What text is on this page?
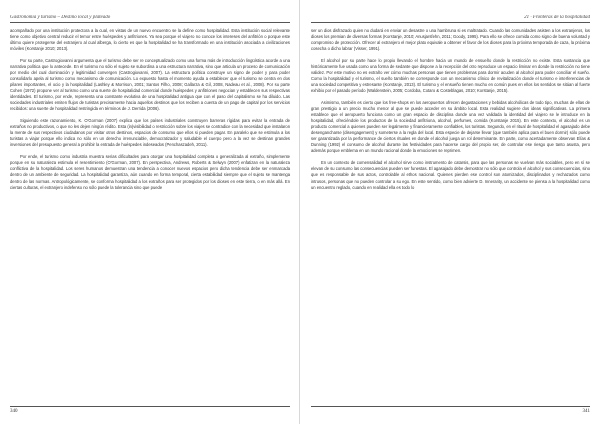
Gastronomía y turismo – Destino local y plateado

acompañado por una institución protectora a la cual, en vistas de un nuevo encuentro se la define como hospitalidad. Esta institución social relevante tiene como objetivo central reducir el temor entre huéspedes y anfitriones. Ya sea porque el viajero no conoce los intereses del anfitrión o porque este último quiere protegerse del extranjero al cual alberga, lo cierto es que la hospitalidad se ha transformado en una institución asociada a civilizaciones móviles (Korstanje 2010; 2013).

Por su parte, Castrogiovanni argumenta que el turismo debe ser re conceptualizado como una forma más de introducción lingüística acorde a una narrativa política que lo antecede. En el turismo no sólo el sujeto se subordina a una estructura narrativa, sino que articula un proceso de comunicación por medio del cual dominación y legitimidad convergen (Castrogiovanni, 2007). La estructura política construye un signo de poder y para poder consolidarlo apela al turismo como mecanismo de comunicación. Lo expuesto hasta el momento ayuda a establecer que el turismo se centra en dos pilares importantes, el ocio y la hospitalidad (Lashley & Morrison, 2001; Santos Filho, 2008; Gallarza & Gil, 2008, Nadeau et al., 2008). Por su parte Cohen (1972) propone ver al turismo como una suerte de hospitalidad comercial donde huéspedes y anfitriones negocian y establecen sus respectivas identidades. El turismo, por ende, representa una constante evolutiva de una hospitalidad antigua que con el paso del capitalismo se ha diluido. Las sociedades industriales emiten flujos de turistas precisamente hacia aquellos destinos que los reciben a cuenta de un pago de capital por los servicios recibidos: una suerte de hospitalidad restringida en términos de J. Derrida (2006).

Siguiendo este razonamiento, K. O'Gorman (2007) explica que los países industriales construyen barreras rígidas para evitar la entrada de extraños no productivos, o que no les dejen ningún rédito. Esta (in)visibilidad o restricción sobre los viajes se contradice con la necesidad que instalaron la mente de sus respectivos ciudadanos por visitar otros destinos, espacios de consumo que ellos si pueden pagar. En paralelo que se estimula a los turistas a viajar porque ello indica no sólo en un derecho irrenunciable, democratizador y saludable el cuerpo pero a la vez se destinan grandes inversiones del presupuesto general a prohibir la entrada de huéspedes indeseados (Penchaszadeh, 2011).

Por ende, el turismo como industria muestra serias dificultades para otorgar una hospitalidad completa o generalizada al extraño, simplemente porque en su naturaleza estimula el resentimiento (O'Gorman, 2007). En perspectiva, Andrews, Roberts & Selwyn (2007) enfatizan en la naturaleza conflictiva de la hospitalidad. Los seres humanos demuestran una tendencia a conocer nuevos espacios pero dicha tendencia debe ser enmarcada dentro de un ambiente de seguridad. La hospitalidad garantiza, aún cuando en forma temporal, cierta estabilidad siempre que el sujeto se mantenga dentro de las normas. Antropológicamente, se conforma hospitalidad a los extraños para ser protegidos por los dioses en este tierra, o en más allá. En ciertas culturas, el extranjero indefenso no sólo puede la tolerancia sino que puede

340
21 · Fronteras de la hospitalidad

ser un dios disfrazado quien no dudará en enviar un desastre o una hambruna si es maltratado. Cuando las comunidades asisten a los extranjeros, los dioses los premian de diversas formas (Korstanje, 2010; Anusjarsfehn, 2011; Goody, 1995). Para ello se ofrece comida como signo de buena voluntad y compromiso de protección. Ofrecer al extranjero el mejor plato equivale a obtener el favor de los dioses para la próxima temporada de caza, la próxima cosecha o dicho labrar (Visser, 1991).

El alcohol por su parte hace lo propio llevando el hombre hacia un mundo de ensueño donde la restricción no existe. Esta sustancia que históricamente fue usada como una forma de sedante que dispone a la recepción del otro reproduce un espacio liminar en donde la restricción no tiene validez. Por este motivo no es extraño ver cómo muchas personas que tienen problemas para dormir acuden al alcohol para poder conciliar el sueño. Como la hospitalidad y el turismo, el sueño también se corresponde con un mecanismo clínico de revitalización donde el turismo e interferencias de una sociedad competitiva y estresante (Korstanje, 2013). El turismo y el ensueño tienen mucho en común pues en ellos los sentidos se sitúan al fuerte exhibio por el pasado período (Waldenstein, 2005; Cordoba, Cotaro & Costeblagas, 2010; Korstanje, 2015).

Asimismo, también es cierto que los free-shops en los aeropuertos ofrecen degustaciones y bebidas alcohólicas de todo tipo, muchas de ellas de gran prestigio a un precio mucho menor al que se puede acceder en su ámbito local. Esta realidad sugiere dos ideas significativas. La primera establece que el aeropuerto funciona como un gran espacio de disciplina donde una vez validada la identidad del viajero se le introduce en la hospitalidad, ofreciéndole los productos de la sociedad anfitriona, alcohol, perfumes, comida (Korstanje 2015). En este contexto, el alcohol es un producto comercial a quienes pueden ser legalmente y financieramente confiables, los turistas. Segundo, en el ritual de hospitalidad el agasajado debe desengancharse (disengagement) y someterse a la regla del local. Esta especie de dejarse llevar (que también aplica para el buen dormir) sólo puede ser garantizada por la performance de ciertos rituales en donde el alcohol juega un rol determinante. En parte, como acertadamente observan Elías & Dunning (1992) el consumo de alcohol durante las festividades para hacerse cargo del propio ser, de controlar ese riesgo que tanto asusta, pero además porque emblema en un mundo racional donde la emociones se reprimen.

En un contexto de comensalidad el alcohol sirve como instrumento de catarsis, para que las personas se vuelvan más sociables, pero en sí se elevan de su consumo las consecuencias pueden ser funestas. El agasajado debe demostrar no sólo que controla el alcohol y sus consecuencias, sino que es responsable de sus actos, controlable al ethos nacional. Quienes pierden ese control son atomizados, disciplinados y rechazados como intrusos, personas que no pueden controlar a su ego. En este sentido, como bien advierte D. Innerarity, un accidente se piensa a la hospitalidad como un encuentro reglado, cuando en realidad ella es todo lo

341
